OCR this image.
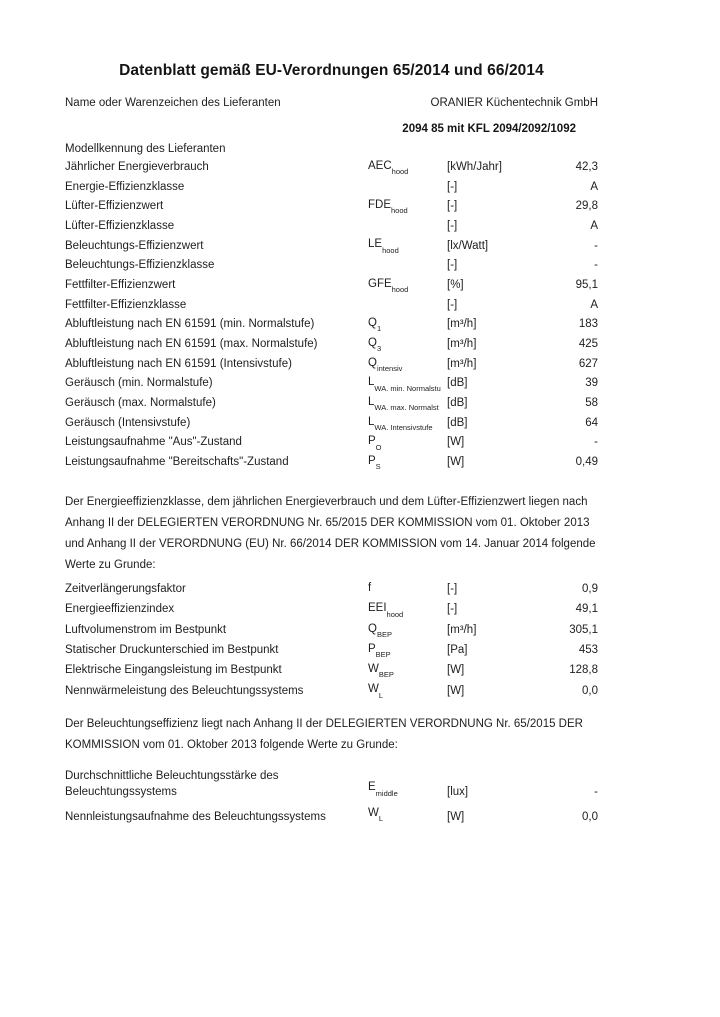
Datenblatt gemäß EU-Verordnungen 65/2014 und 66/2014
Name oder Warenzeichen des Lieferanten	ORANIER Küchentechnik GmbH
2094 85 mit KFL 2094/2092/1092
Modellkennung des Lieferanten
Jährlicher Energieverbrauch	$AEC_{hood}$	[kWh/Jahr]	42,3
Energie-Effizienzklasse	[-]	A
Lüfter-Effizienzwert	$FDE_{hood}$	[-]	29,8
Lüfter-Effizienzklasse	[-]	A
Beleuchtungs-Effizienzwert	$LE_{hood}$	[lx/Watt]	-
Beleuchtungs-Effizienzklasse	[-]	-
Fettfilter-Effizienzwert	$GFE_{hood}$	[%]	95,1
Fettfilter-Effizienzklasse	[-]	A
Abluftleistung nach EN 61591 (min. Normalstufe)	$Q_1$	[m³/h]	183
Abluftleistung nach EN 61591 (max. Normalstufe)	$Q_3$	[m³/h]	425
Abluftleistung nach EN 61591 (Intensivstufe)	$Q_{intensiv}$	[m³/h]	627
Geräusch (min. Normalstufe)	$L_{WA, min. Normalstu}$ [dB]	39
Geräusch (max. Normalstufe)	$L_{WA, max. Normalst}$ [dB]	58
Geräusch (Intensivstufe)	$L_{WA, Intensivstufe}$	[dB]	64
Leistungsaufnahme "Aus"-Zustand	$P_O$	[W]	-
Leistungsaufnahme "Bereitschafts"-Zustand	$P_S$	[W]	0,49

Der Energieeffizienzklasse, dem jährlichen Energieverbrauch und dem Lüfter-Effizienzwert liegen nach Anhang II der DELEGIERTEN VERORDNUNG Nr. 65/2015 DER KOMMISSION vom 01. Oktober 2013 und Anhang II der VERORDNUNG (EU) Nr. 66/2014 DER KOMMISSION vom 14. Januar 2014 folgende Werte zu Grunde:

Zeitverlängerungsfaktor	f	[-]	0,9
Energieeffizienzindex	$EEI_{hood}$	[-]	49,1
Luftvolumenstrom im Bestpunkt	$Q_{BEP}$	[m³/h]	305,1
Statischer Druckunterschied im Bestpunkt	$P_{BEP}$	[Pa]	453
Elektrische Eingangsleistung im Bestpunkt	$W_{BEP}$	[W]	128,8
Nennwärmeleistung des Beleuchtungssystems	$W_L$	[W]	0,0

Der Beleuchtungseffizienz liegt nach Anhang II der DELEGIERTEN VERORDNUNG Nr. 65/2015 DER KOMMISSION vom 01. Oktober 2013 folgende Werte zu Grunde:

Durchschnittliche Beleuchtungsstärke des Beleuchtungssystems	$E_{middle}$	[lux]	-
Nennleistungsaufnahme des Beleuchtungssystems	$W_L$	[W]	0,0
